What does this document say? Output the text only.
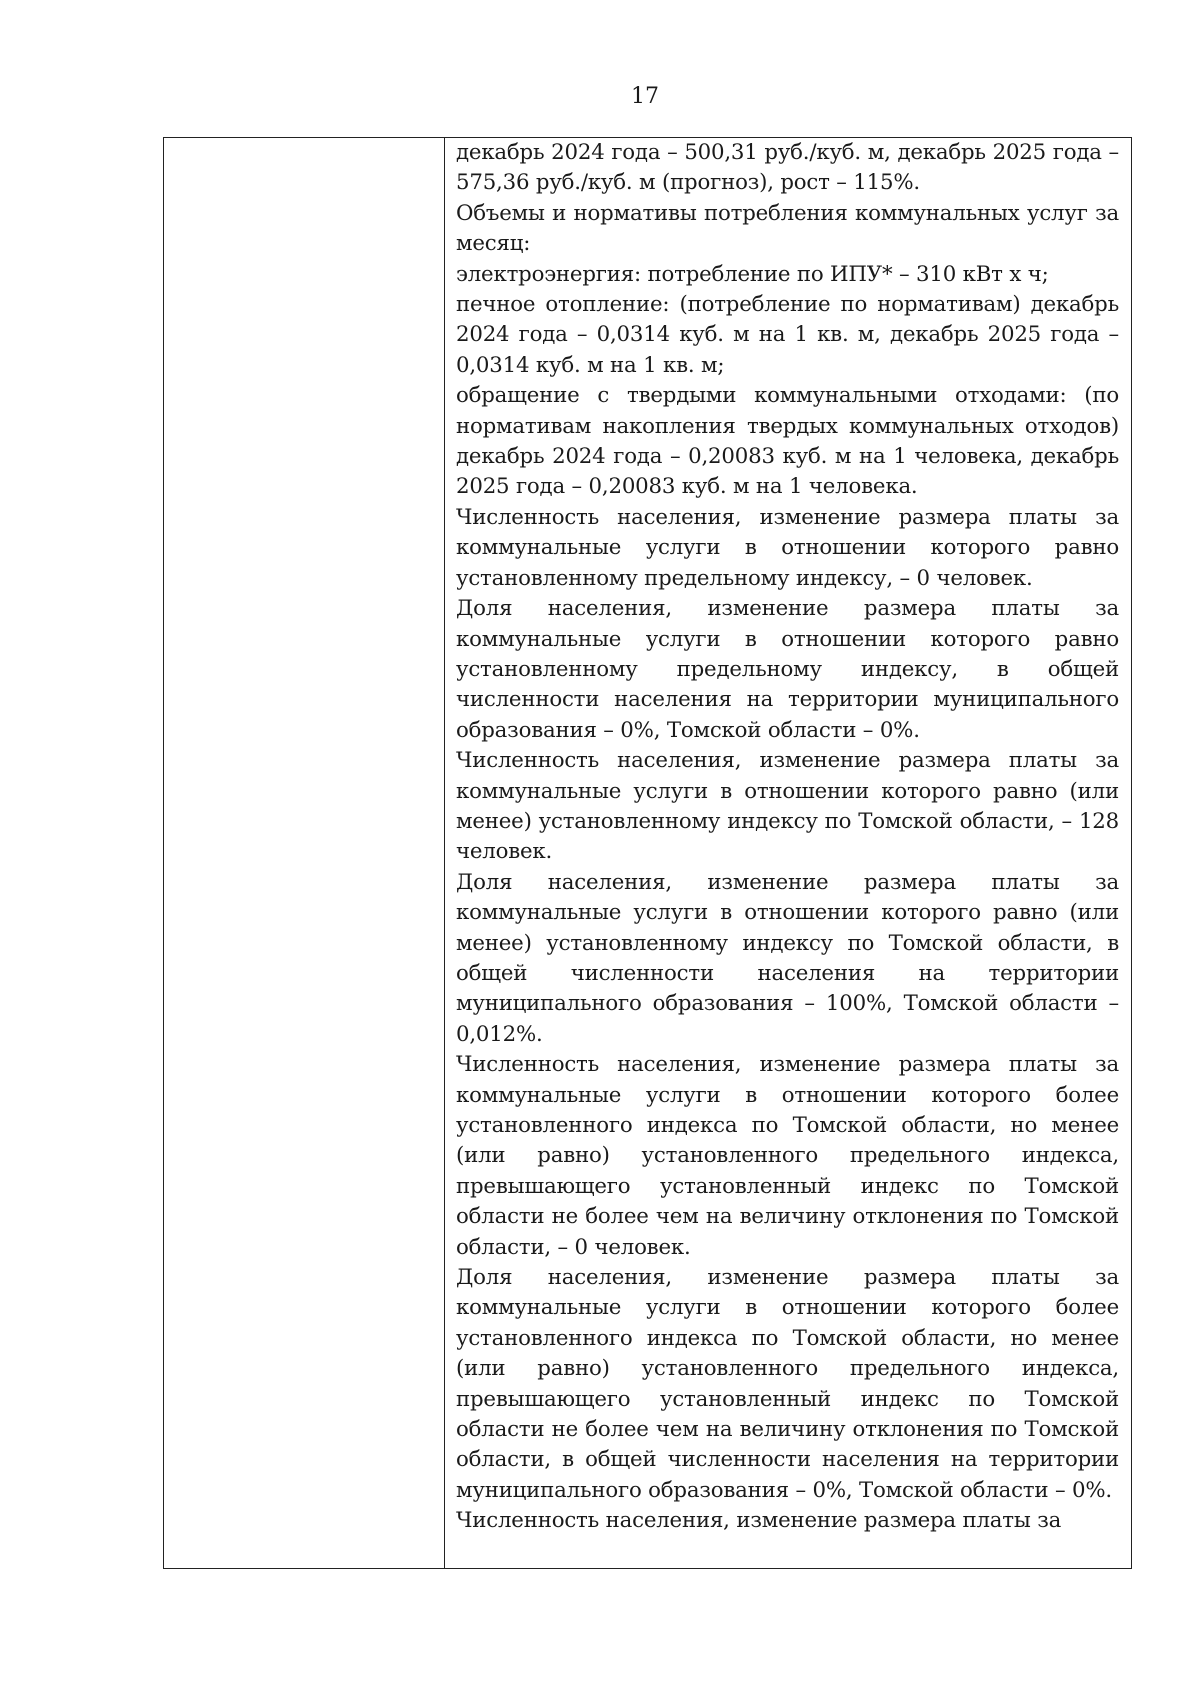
17

декабрь 2024 года – 500,31 руб./куб. м, декабрь 2025 года – 575,36 руб./куб. м (прогноз), рост – 115%.

Объемы и нормативы потребления коммунальных услуг за месяц:

электроэнергия: потребление по ИПУ* – 310 кВт х ч;

печное отопление: (потребление по нормативам) декабрь 2024 года – 0,0314 куб. м на 1 кв. м, декабрь 2025 года – 0,0314 куб. м на 1 кв. м;

обращение с твердыми коммунальными отходами: (по нормативам накопления твердых коммунальных отходов) декабрь 2024 года – 0,20083 куб. м на 1 человека, декабрь 2025 года – 0,20083 куб. м на 1 человека.

Численность населения, изменение размера платы за коммунальные услуги в отношении которого равно установленному предельному индексу, – 0 человек.

Доля населения, изменение размера платы за коммунальные услуги в отношении которого равно установленному предельному индексу, в общей численности населения на территории муниципального образования – 0%, Томской области – 0%.

Численность населения, изменение размера платы за коммунальные услуги в отношении которого равно (или менее) установленному индексу по Томской области, – 128 человек.

Доля населения, изменение размера платы за коммунальные услуги в отношении которого равно (или менее) установленному индексу по Томской области, в общей численности населения на территории муниципального образования – 100%, Томской области – 0,012%.

Численность населения, изменение размера платы за коммунальные услуги в отношении которого более установленного индекса по Томской области, но менее (или равно) установленного предельного индекса, превышающего установленный индекс по Томской области не более чем на величину отклонения по Томской области, – 0 человек.

Доля населения, изменение размера платы за коммунальные услуги в отношении которого более установленного индекса по Томской области, но менее (или равно) установленного предельного индекса, превышающего установленный индекс по Томской области не более чем на величину отклонения по Томской области, в общей численности населения на территории муниципального образования – 0%, Томской области – 0%.

Численность населения, изменение размера платы за
